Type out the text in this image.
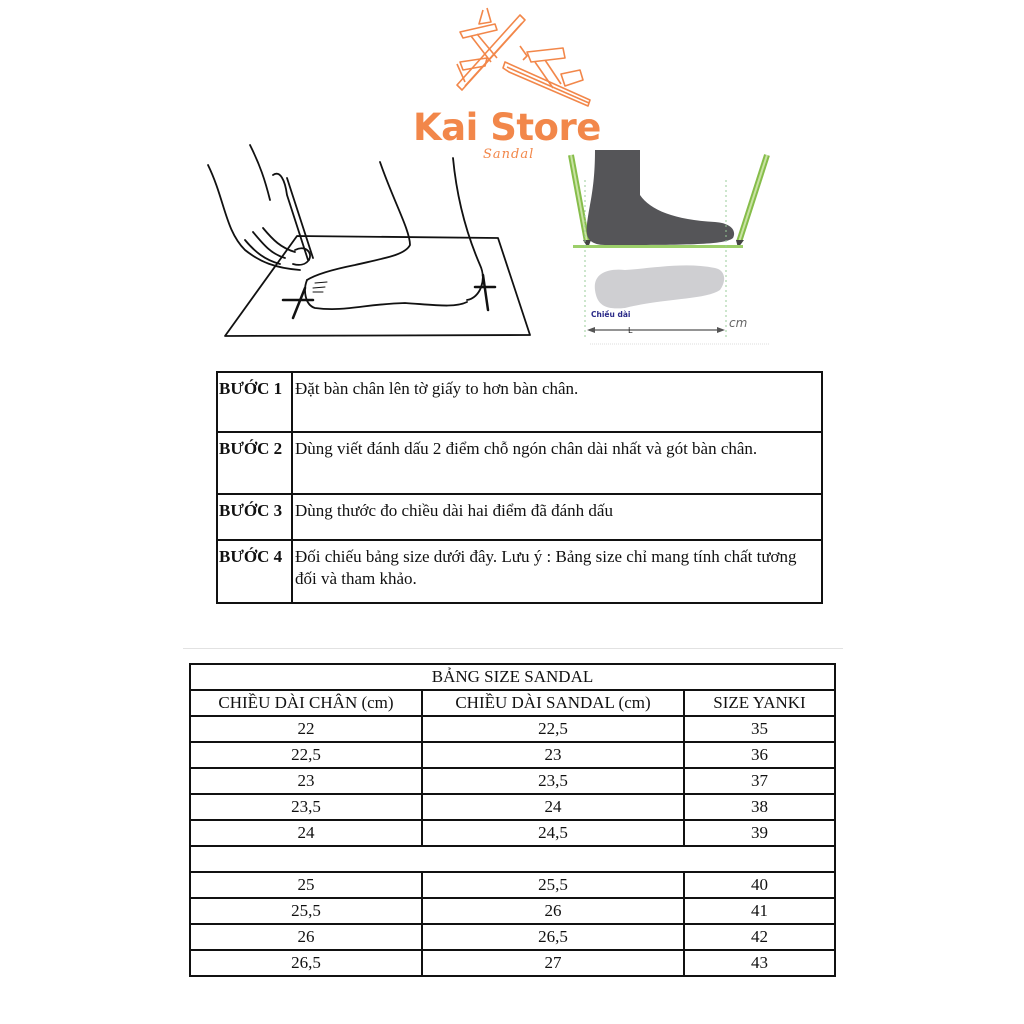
Kai Store
Sandal
Chiều dài
L
cm
BƯỚC 1	Đặt bàn chân lên tờ giấy to hơn bàn chân.
BƯỚC 2	Dùng viết đánh dấu 2 điểm chỗ ngón chân dài nhất và gót bàn chân.
BƯỚC 3	Dùng thước đo chiều dài hai điểm đã đánh dấu
BƯỚC 4	Đối chiếu bảng size dưới đây. Lưu ý : Bảng size chỉ mang tính chất tương đối và tham khảo.
BẢNG SIZE SANDAL		
CHIỀU DÀI CHÂN (cm)	CHIỀU DÀI SANDAL (cm)	SIZE YANKI
22	22,5	35
22,5	23	36
23	23,5	37
23,5	24	38
24	24,5	39

25	25,5	40
25,5	26	41
26	26,5	42
26,5	27	43
